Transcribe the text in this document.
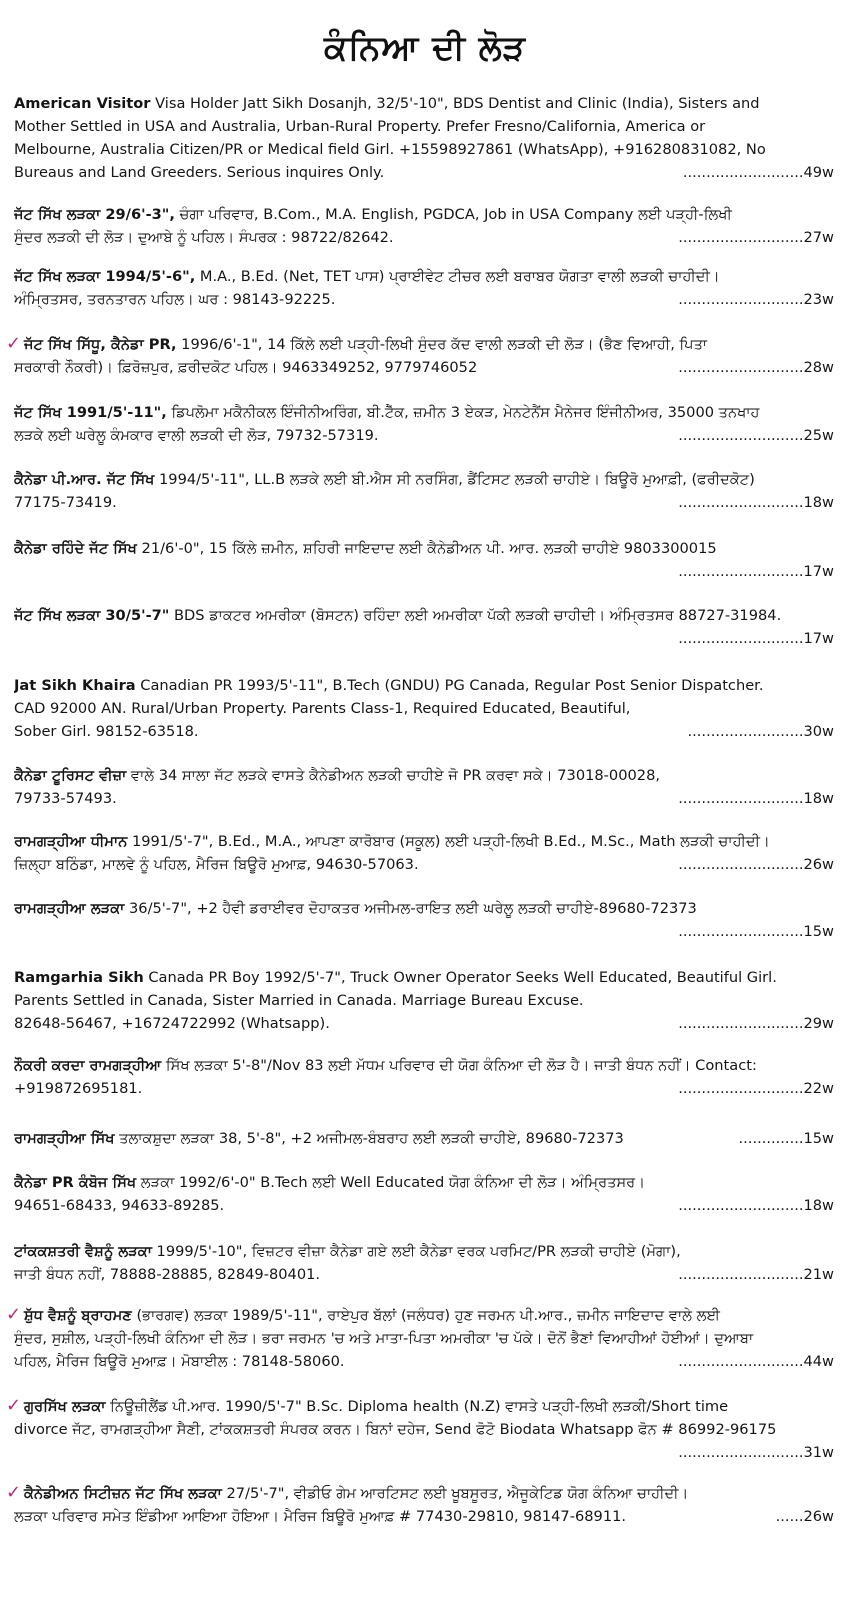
ਕੰਨਿਆ ਦੀ ਲੋੜ

American Visitor Visa Holder Jatt Sikh Dosanjh, 32/5'-10", BDS Dentist and Clinic (India), Sisters and

Mother Settled in USA and Australia, Urban-Rural Property. Prefer Fresno/California, America or

Melbourne, Australia Citizen/PR or Medical field Girl. +15598927861 (WhatsApp), +916280831082, No

Bureaus and Land Greeders. Serious inquires Only.	..........................49w

ਜੱਟ ਸਿੱਖ ਲੜਕਾ 29/6'-3", ਚੰਗਾ ਪਰਿਵਾਰ, B.Com., M.A. English, PGDCA, Job in USA Company ਲਈ ਪੜ੍ਹੀ-ਲਿਖੀ

ਸੁੰਦਰ ਲੜਕੀ ਦੀ ਲੋੜ। ਦੁਆਬੇ ਨੂੰ ਪਹਿਲ। ਸੰਪਰਕ : 98722/82642.	...........................27w

ਜੱਟ ਸਿੱਖ ਲੜਕਾ 1994/5'-6", M.A., B.Ed. (Net, TET ਪਾਸ) ਪ੍ਰਾਈਵੇਟ ਟੀਚਰ ਲਈ ਬਰਾਬਰ ਯੋਗਤਾ ਵਾਲੀ ਲੜਕੀ ਚਾਹੀਦੀ।

ਅੰਮ੍ਰਿਤਸਰ, ਤਰਨਤਾਰਨ ਪਹਿਲ। ਘਰ : 98143-92225.	...........................23w
✓ ਜੱਟ ਸਿੱਖ ਸਿੱਧੂ, ਕੈਨੇਡਾ PR, 1996/6'-1", 14 ਕਿੱਲੇ ਲਈ ਪੜ੍ਹੀ-ਲਿਖੀ ਸੁੰਦਰ ਕੱਦ ਵਾਲੀ ਲੜਕੀ ਦੀ ਲੋੜ। (ਭੈਣ ਵਿਆਹੀ, ਪਿਤਾ

ਸਰਕਾਰੀ ਨੌਕਰੀ)। ਫ਼ਿਰੋਜ਼ਪੁਰ, ਫ਼ਰੀਦਕੋਟ ਪਹਿਲ। 9463349252, 9779746052	...........................28w

ਜੱਟ ਸਿੱਖ 1991/5'-11", ਡਿਪਲੋਮਾ ਮਕੈਨੀਕਲ ਇੰਜੀਨੀਅਰਿੰਗ, ਬੀ.ਟੈੱਕ, ਜ਼ਮੀਨ 3 ਏਕੜ, ਮੇਨਟੇਨੈਂਸ ਮੈਨੇਜਰ ਇੰਜੀਨੀਅਰ, 35000 ਤਨਖਾਹ

ਲੜਕੇ ਲਈ ਘਰੇਲੂ ਕੰਮਕਾਰ ਵਾਲੀ ਲੜਕੀ ਦੀ ਲੋੜ, 79732-57319.	...........................25w

ਕੈਨੇਡਾ ਪੀ.ਆਰ. ਜੱਟ ਸਿੱਖ 1994/5'-11", LL.B ਲੜਕੇ ਲਈ ਬੀ.ਐਸ ਸੀ ਨਰਸਿੰਗ, ਡੈਂਟਿਸਟ ਲੜਕੀ ਚਾਹੀਏ। ਬਿਊਰੋ ਮੁਆਫ਼ੀ, (ਫਰੀਦਕੋਟ)

77175-73419.	...........................18w

ਕੈਨੇਡਾ ਰਹਿੰਦੇ ਜੱਟ ਸਿੱਖ 21/6'-0", 15 ਕਿੱਲੇ ਜ਼ਮੀਨ, ਸ਼ਹਿਰੀ ਜਾਇਦਾਦ ਲਈ ਕੈਨੇਡੀਅਨ ਪੀ. ਆਰ. ਲੜਕੀ ਚਾਹੀਏ 9803300015

...........................17w

ਜੱਟ ਸਿੱਖ ਲੜਕਾ 30/5'-7" BDS ਡਾਕਟਰ ਅਮਰੀਕਾ (ਬੋਸਟਨ) ਰਹਿੰਦਾ ਲਈ ਅਮਰੀਕਾ ਪੱਕੀ ਲੜਕੀ ਚਾਹੀਦੀ। ਅੰਮ੍ਰਿਤਸਰ 88727-31984.

...........................17w

Jat Sikh Khaira Canadian PR 1993/5'-11", B.Tech (GNDU) PG Canada, Regular Post Senior Dispatcher.

CAD 92000 AN. Rural/Urban Property. Parents Class-1, Required Educated, Beautiful,

Sober Girl. 98152-63518.	.........................30w

ਕੈਨੇਡਾ ਟੂਰਿਸਟ ਵੀਜ਼ਾ ਵਾਲੇ 34 ਸਾਲਾ ਜੱਟ ਲੜਕੇ ਵਾਸਤੇ ਕੈਨੇਡੀਅਨ ਲੜਕੀ ਚਾਹੀਏ ਜੋ PR ਕਰਵਾ ਸਕੇ। 73018-00028,

79733-57493.	...........................18w

ਰਾਮਗੜ੍ਹੀਆ ਧੀਮਾਨ 1991/5'-7", B.Ed., M.A., ਆਪਣਾ ਕਾਰੋਬਾਰ (ਸਕੂਲ) ਲਈ ਪੜ੍ਹੀ-ਲਿਖੀ B.Ed., M.Sc., Math ਲੜਕੀ ਚਾਹੀਦੀ।

ਜ਼ਿਲ੍ਹਾ ਬਠਿੰਡਾ, ਮਾਲਵੇ ਨੂੰ ਪਹਿਲ, ਮੈਰਿਜ ਬਿਊਰੋ ਮੁਆਫ਼, 94630-57063.	...........................26w

ਰਾਮਗੜ੍ਹੀਆ ਲੜਕਾ 36/5'-7", +2 ਹੈਵੀ ਡਰਾਈਵਰ ਦੋਹਾਕਤਰ ਅਜੀਮਲ-ਰਾਇਤ ਲਈ ਘਰੇਲੂ ਲੜਕੀ ਚਾਹੀਏ-89680-72373

...........................15w

Ramgarhia Sikh Canada PR Boy 1992/5'-7", Truck Owner Operator Seeks Well Educated, Beautiful Girl.

Parents Settled in Canada, Sister Married in Canada. Marriage Bureau Excuse.

82648-56467, +16724722992 (Whatsapp).	...........................29w

ਨੌਕਰੀ ਕਰਦਾ ਰਾਮਗੜ੍ਹੀਆ ਸਿੱਖ ਲੜਕਾ 5'-8"/Nov 83 ਲਈ ਮੱਧਮ ਪਰਿਵਾਰ ਦੀ ਯੋਗ ਕੰਨਿਆ ਦੀ ਲੋੜ ਹੈ। ਜਾਤੀ ਬੰਧਨ ਨਹੀਂ। Contact:

+919872695181.	...........................22w

ਰਾਮਗੜ੍ਹੀਆ ਸਿੱਖ ਤਲਾਕਸ਼ੁਦਾ ਲੜਕਾ 38, 5'-8", +2 ਅਜੀਮਲ-ਬੰਬਰਾਹ ਲਈ ਲੜਕੀ ਚਾਹੀਏ, 89680-72373	..............15w

ਕੈਨੇਡਾ PR ਕੰਬੋਜ ਸਿੱਖ ਲੜਕਾ 1992/6'-0" B.Tech ਲਈ Well Educated ਯੋਗ ਕੰਨਿਆ ਦੀ ਲੋੜ। ਅੰਮ੍ਰਿਤਸਰ।

94651-68433, 94633-89285.	...........................18w

ਟਾਂਕਕਸ਼ਤਰੀ ਵੈਸ਼ਨੂੰ ਲੜਕਾ 1999/5'-10", ਵਿਜ਼ਟਰ ਵੀਜ਼ਾ ਕੈਨੇਡਾ ਗਏ ਲਈ ਕੈਨੇਡਾ ਵਰਕ ਪਰਮਿਟ/PR ਲੜਕੀ ਚਾਹੀਏ (ਮੋਗਾ),

ਜਾਤੀ ਬੰਧਨ ਨਹੀਂ, 78888-28885, 82849-80401.	...........................21w
✓ ਸ਼ੁੱਧ ਵੈਸ਼ਨੂੰ ਬ੍ਰਾਹਮਣ (ਭਾਰਗਵ) ਲੜਕਾ 1989/5'-11", ਰਾਏਪੁਰ ਬੱਲਾਂ (ਜਲੰਧਰ) ਹੁਣ ਜਰਮਨ ਪੀ.ਆਰ., ਜ਼ਮੀਨ ਜਾਇਦਾਦ ਵਾਲੇ ਲਈ

ਸੁੰਦਰ, ਸੁਸ਼ੀਲ, ਪੜ੍ਹੀ-ਲਿਖੀ ਕੰਨਿਆ ਦੀ ਲੋੜ। ਭਰਾ ਜਰਮਨ 'ਚ ਅਤੇ ਮਾਤਾ-ਪਿਤਾ ਅਮਰੀਕਾ 'ਚ ਪੱਕੇ। ਦੋਨੋਂ ਭੈਣਾਂ ਵਿਆਹੀਆਂ ਹੋਈਆਂ। ਦੁਆਬਾ

ਪਹਿਲ, ਮੈਰਿਜ ਬਿਊਰੋ ਮੁਆਫ਼। ਮੋਬਾਈਲ : 78148-58060.	...........................44w
✓ ਗੁਰਸਿੱਖ ਲੜਕਾ ਨਿਊਜ਼ੀਲੈਂਡ ਪੀ.ਆਰ. 1990/5'-7" B.Sc. Diploma health (N.Z) ਵਾਸਤੇ ਪੜ੍ਹੀ-ਲਿਖੀ ਲੜਕੀ/Short time

divorce ਜੱਟ, ਰਾਮਗੜ੍ਹੀਆ ਸੈਣੀ, ਟਾਂਕਕਸ਼ਤਰੀ ਸੰਪਰਕ ਕਰਨ। ਬਿਨਾਂ ਦਹੇਜ, Send ਫੋਟੋ Biodata Whatsapp ਫੋਨ # 86992-96175

...........................31w
✓ ਕੈਨੇਡੀਅਨ ਸਿਟੀਜ਼ਨ ਜੱਟ ਸਿੱਖ ਲੜਕਾ 27/5'-7", ਵੀਡੀਓ ਗੇਮ ਆਰਟਿਸਟ ਲਈ ਖੂਬਸੂਰਤ, ਐਜੂਕੇਟਿਡ ਯੋਗ ਕੰਨਿਆ ਚਾਹੀਦੀ।

ਲੜਕਾ ਪਰਿਵਾਰ ਸਮੇਤ ਇੰਡੀਆ ਆਇਆ ਹੋਇਆ। ਮੈਰਿਜ ਬਿਊਰੋ ਮੁਆਫ਼ # 77430-29810, 98147-68911.	......26w
